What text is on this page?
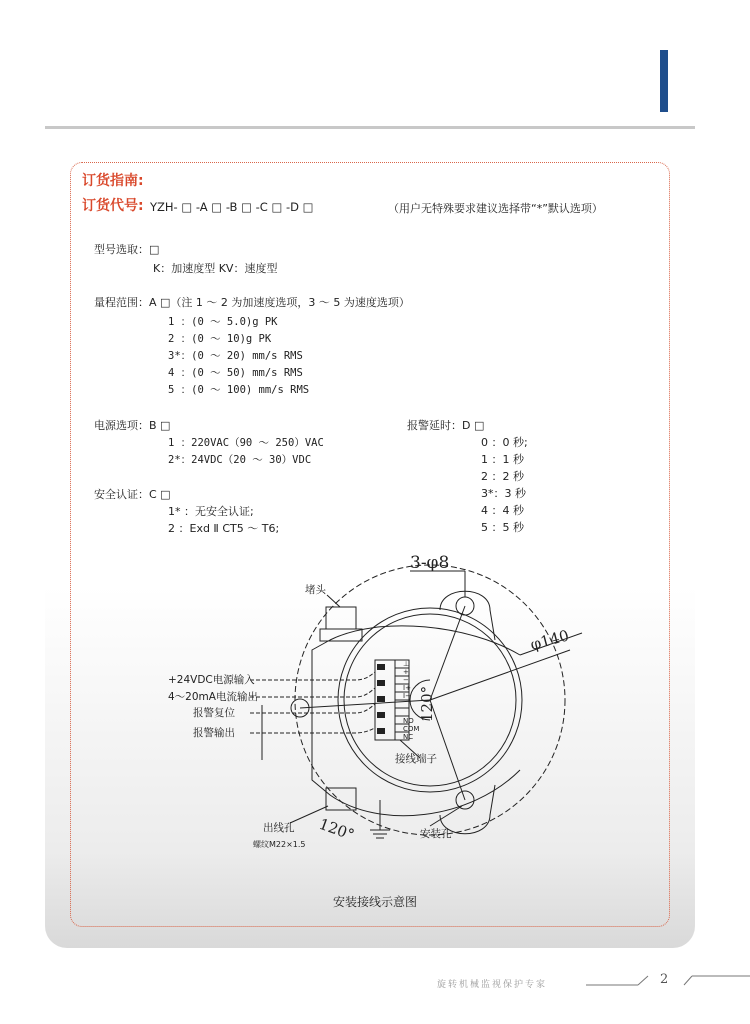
订货指南:
订货代号: YZH- □ -A □ -B □ -C □ -D □	（用户无特殊要求建议选择带“*”默认选项）
型号选取：□
K：加速度型 KV：速度型
量程范围：A □（注 1 ～ 2 为加速度选项，3 ～ 5 为速度选项）
1 ：(0 ～ 5.0)g PK
2 ：(0 ～ 10)g PK
3*：(0 ～ 20) mm/s RMS
4 ：(0 ～ 50) mm/s RMS
5 ：(0 ～ 100) mm/s RMS
电源选项：B □
1 ：220VAC（90 ～ 250）VAC
2*：24VDC（20 ～ 30）VDC
安全认证：C □
1* ：无安全认证;
2 ：Exd Ⅱ CT5 ～ T6;
报警延时：D □
0 ：0 秒;
1 ：1 秒
2 ：2 秒
3*：3 秒
4 ：4 秒
5 ：5 秒
3-φ8
φ140
120°
120°
堵头
+24VDC电源输入
4～20mA电流输出
报警复位
报警输出
接线端子
出线孔
螺纹M22×1.5
安装孔
⊥
+
−
I+
I−
NO
COM
NC
安装接线示意图
旋转机械监视保护专家	2
